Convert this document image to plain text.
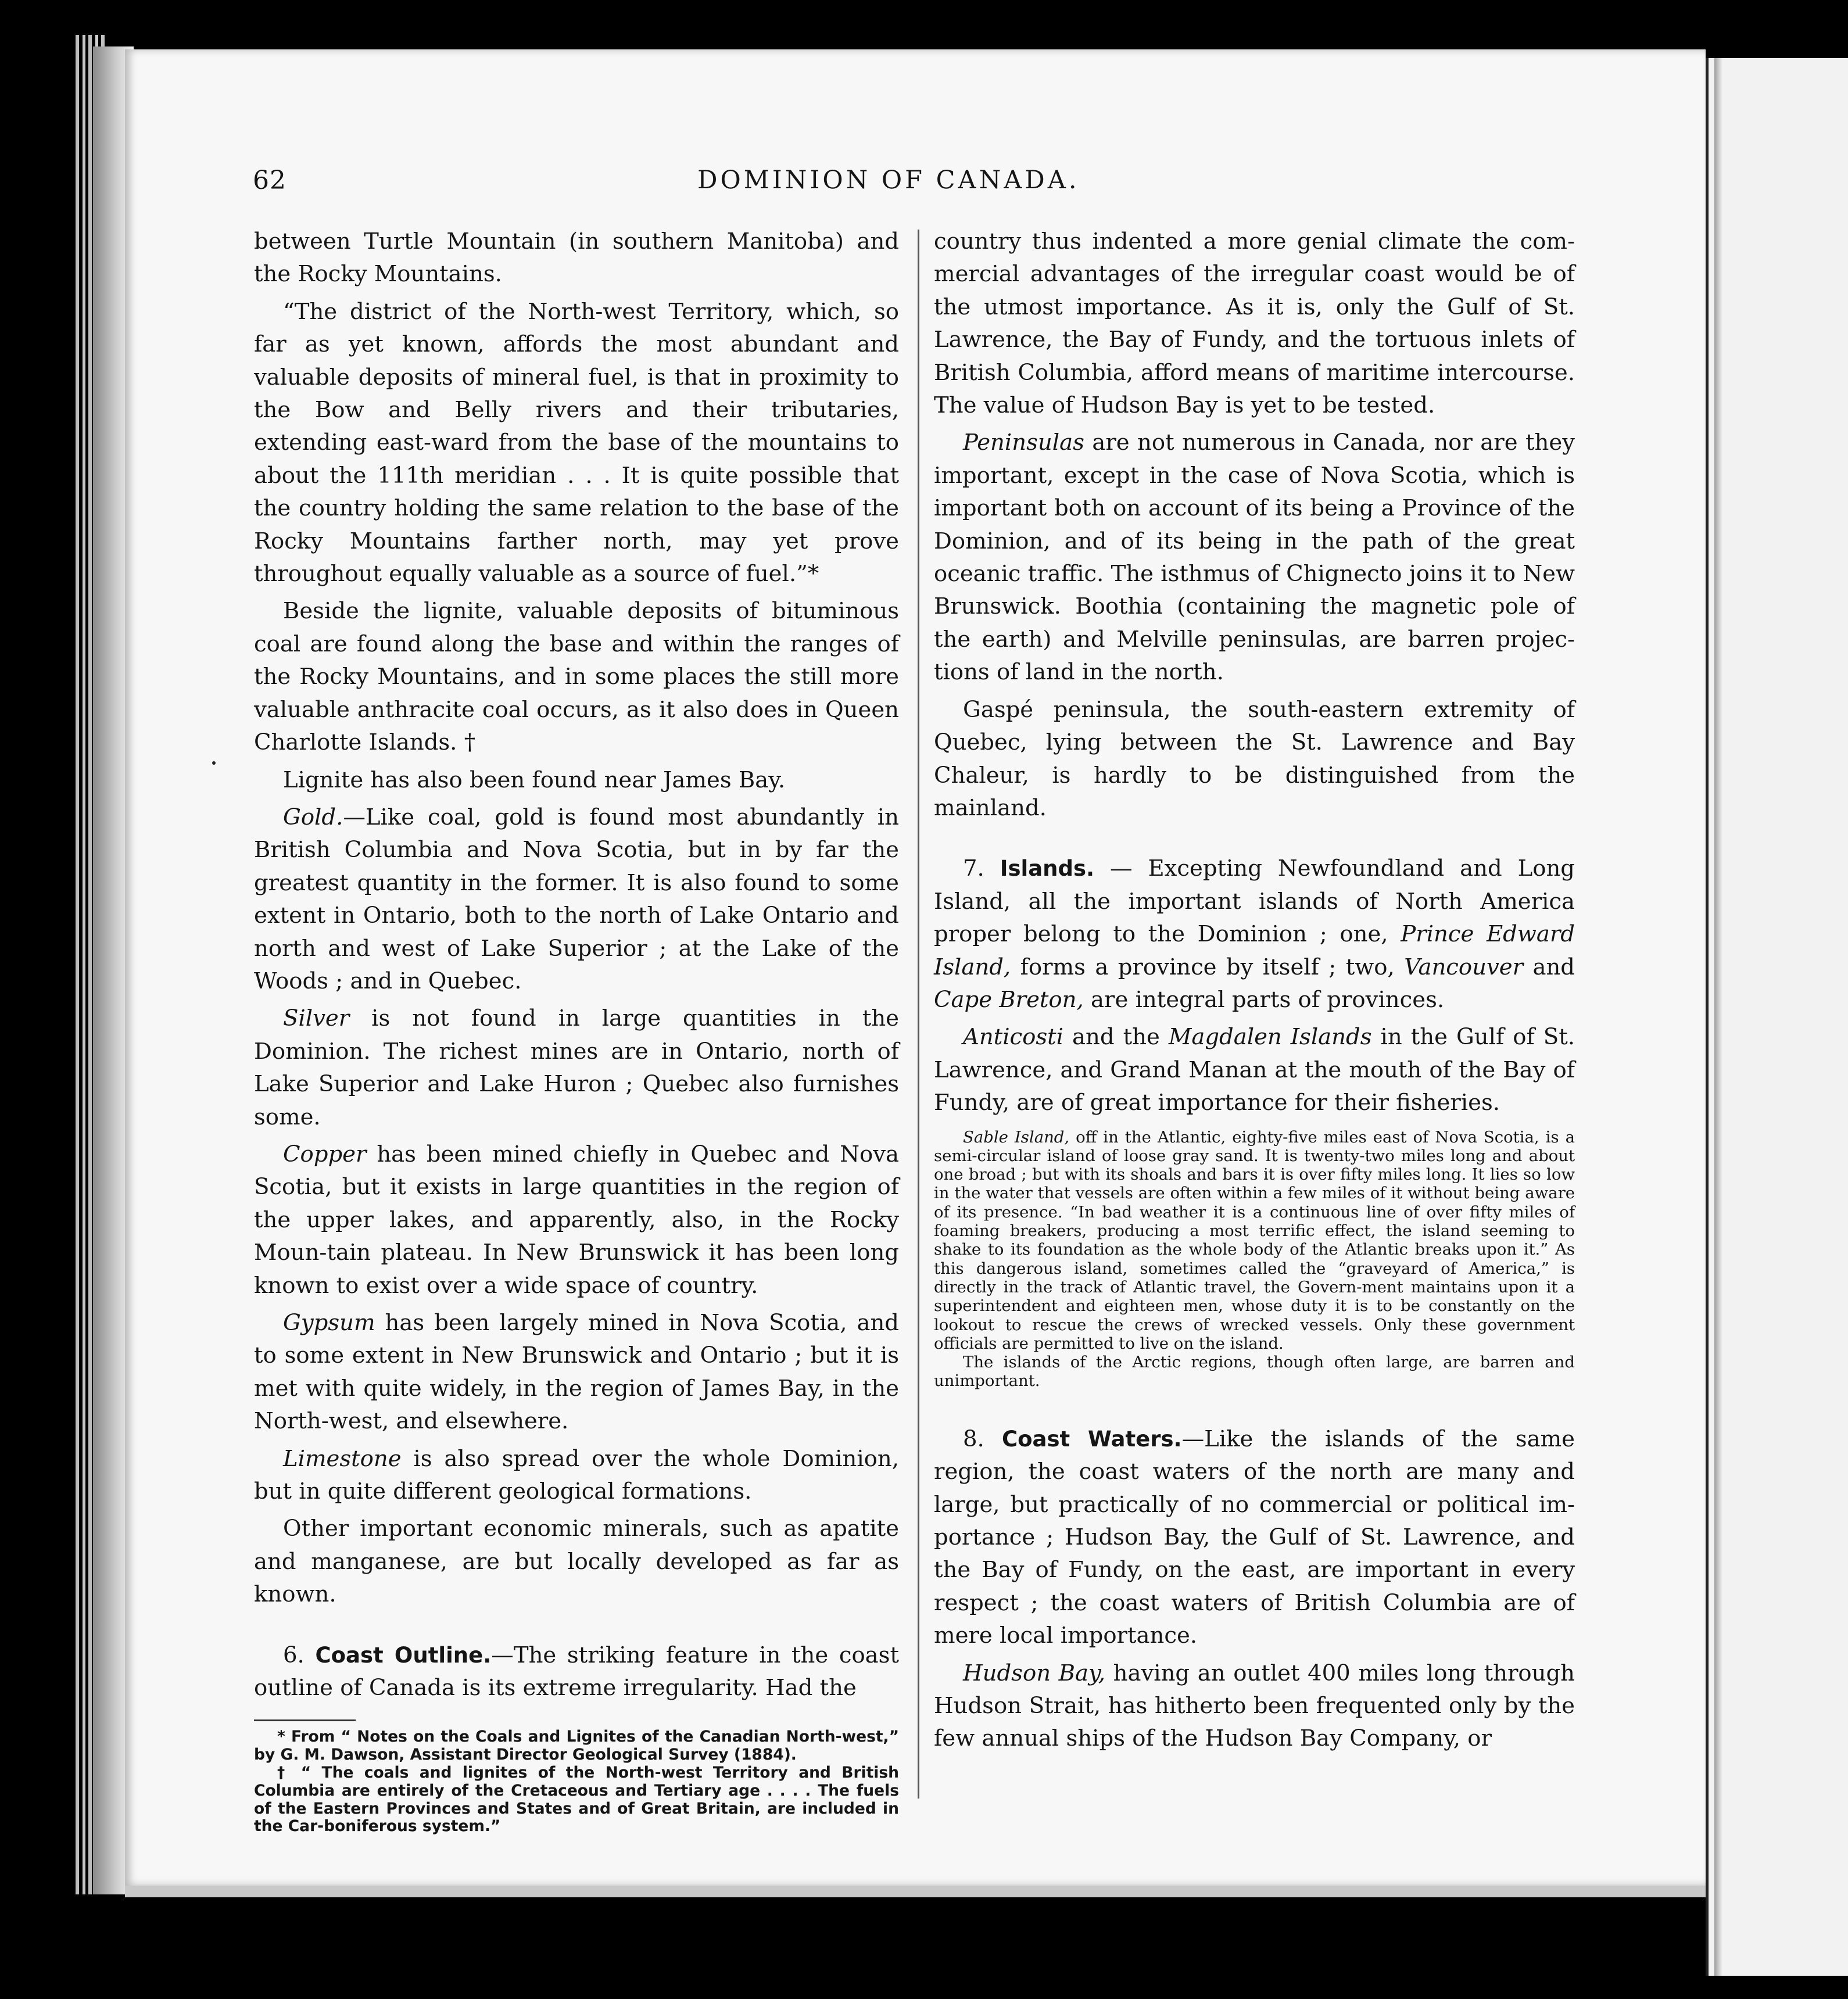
62	DOMINION OF CANADA.

between Turtle Mountain (in southern Manitoba) and the Rocky Mountains.

“The district of the North-west Territory, which, so far as yet known, affords the most abundant and valuable deposits of mineral fuel, is that in proximity to the Bow and Belly rivers and their tributaries, extending east-ward from the base of the mountains to about the 111th meridian . . . It is quite possible that the country holding the same relation to the base of the Rocky Mountains farther north, may yet prove throughout equally valuable as a source of fuel.”*

Beside the lignite, valuable deposits of bituminous coal are found along the base and within the ranges of the Rocky Mountains, and in some places the still more valuable anthracite coal occurs, as it also does in Queen Charlotte Islands. †

Lignite has also been found near James Bay.

Gold.—Like coal, gold is found most abundantly in British Columbia and Nova Scotia, but in by far the greatest quantity in the former. It is also found to some extent in Ontario, both to the north of Lake Ontario and north and west of Lake Superior ; at the Lake of the Woods ; and in Quebec.

Silver is not found in large quantities in the Dominion. The richest mines are in Ontario, north of Lake Superior and Lake Huron ; Quebec also furnishes some.

Copper has been mined chiefly in Quebec and Nova Scotia, but it exists in large quantities in the region of the upper lakes, and apparently, also, in the Rocky Moun-tain plateau. In New Brunswick it has been long known to exist over a wide space of country.

Gypsum has been largely mined in Nova Scotia, and to some extent in New Brunswick and Ontario ; but it is met with quite widely, in the region of James Bay, in the North-west, and elsewhere.

Limestone is also spread over the whole Dominion, but in quite different geological formations.

Other important economic minerals, such as apatite and manganese, are but locally developed as far as known.

6. Coast Outline.—The striking feature in the coast outline of Canada is its extreme irregularity. Had the

* From “ Notes on the Coals and Lignites of the Canadian North-west,” by G. M. Dawson, Assistant Director Geological Survey (1884).

† “ The coals and lignites of the North-west Territory and British Columbia are entirely of the Cretaceous and Tertiary age . . . . The fuels of the Eastern Provinces and States and of Great Britain, are included in the Car-boniferous system.”

country thus indented a more genial climate the com-mercial advantages of the irregular coast would be of the utmost importance. As it is, only the Gulf of St. Lawrence, the Bay of Fundy, and the tortuous inlets of British Columbia, afford means of maritime intercourse. The value of Hudson Bay is yet to be tested.

Peninsulas are not numerous in Canada, nor are they important, except in the case of Nova Scotia, which is important both on account of its being a Province of the Dominion, and of its being in the path of the great oceanic traffic. The isthmus of Chignecto joins it to New Brunswick. Boothia (containing the magnetic pole of the earth) and Melville peninsulas, are barren projec-tions of land in the north.

Gaspé peninsula, the south-eastern extremity of Quebec, lying between the St. Lawrence and Bay Chaleur, is hardly to be distinguished from the mainland.

7. Islands. — Excepting Newfoundland and Long Island, all the important islands of North America proper belong to the Dominion ; one, Prince Edward Island, forms a province by itself ; two, Vancouver and Cape Breton, are integral parts of provinces.

Anticosti and the Magdalen Islands in the Gulf of St. Lawrence, and Grand Manan at the mouth of the Bay of Fundy, are of great importance for their fisheries.

Sable Island, off in the Atlantic, eighty-five miles east of Nova Scotia, is a semi-circular island of loose gray sand. It is twenty-two miles long and about one broad ; but with its shoals and bars it is over fifty miles long. It lies so low in the water that vessels are often within a few miles of it without being aware of its presence. “In bad weather it is a continuous line of over fifty miles of foaming breakers, producing a most terrific effect, the island seeming to shake to its foundation as the whole body of the Atlantic breaks upon it.” As this dangerous island, sometimes called the “graveyard of America,” is directly in the track of Atlantic travel, the Govern-ment maintains upon it a superintendent and eighteen men, whose duty it is to be constantly on the lookout to rescue the crews of wrecked vessels. Only these government officials are permitted to live on the island.

The islands of the Arctic regions, though often large, are barren and unimportant.

8. Coast Waters.—Like the islands of the same region, the coast waters of the north are many and large, but practically of no commercial or political im-portance ; Hudson Bay, the Gulf of St. Lawrence, and the Bay of Fundy, on the east, are important in every respect ; the coast waters of British Columbia are of mere local importance.

Hudson Bay, having an outlet 400 miles long through Hudson Strait, has hitherto been frequented only by the few annual ships of the Hudson Bay Company, or
